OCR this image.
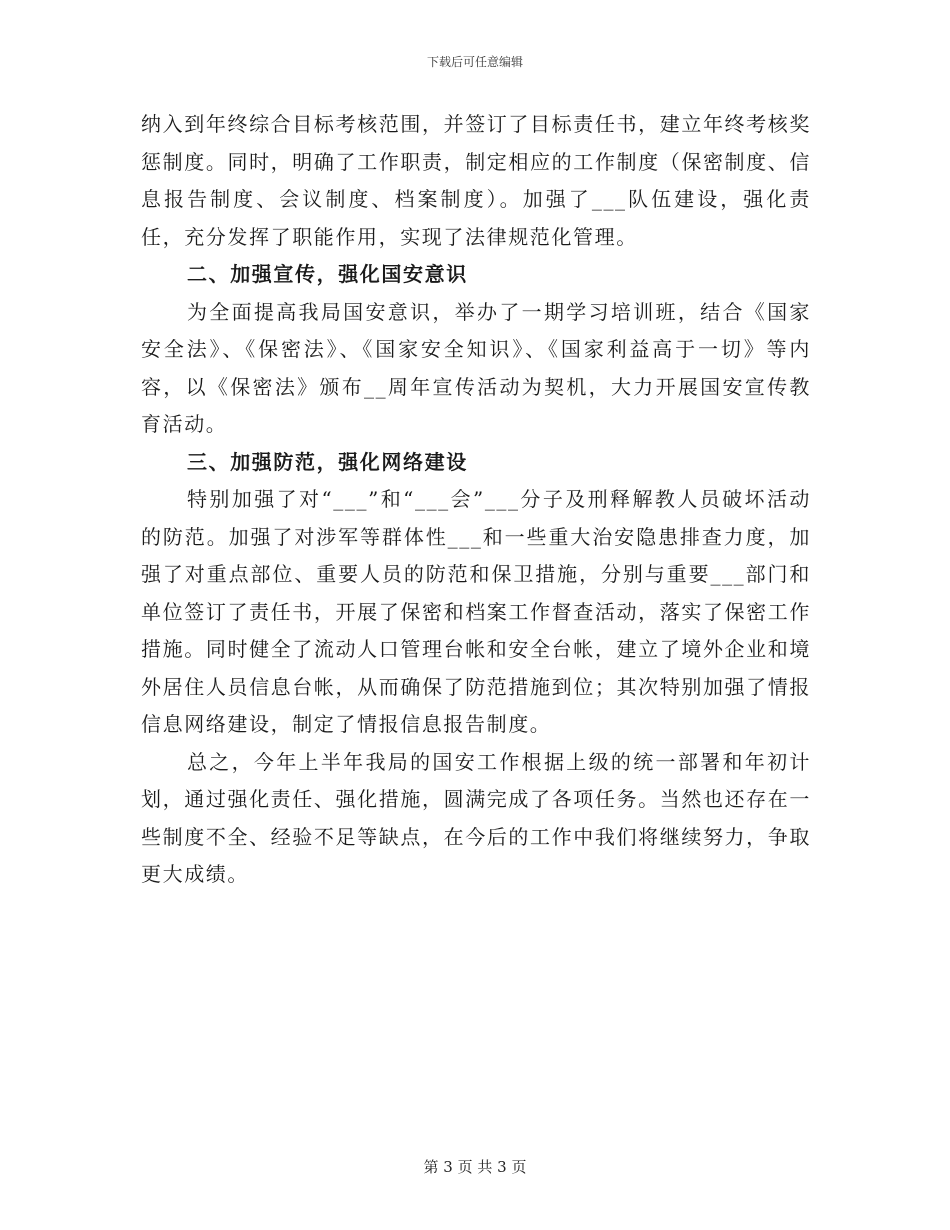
下载后可任意编辑

纳入到年终综合目标考核范围，并签订了目标责任书，建立年终考核奖惩制度。同时，明确了工作职责，制定相应的工作制度（保密制度、信息报告制度、会议制度、档案制度）。加强了___队伍建设，强化责任，充分发挥了职能作用，实现了法律规范化管理。

二、加强宣传，强化国安意识

为全面提高我局国安意识，举办了一期学习培训班，结合《国家安全法》、《保密法》、《国家安全知识》、《国家利益高于一切》等内容，以《保密法》颁布__周年宣传活动为契机，大力开展国安宣传教育活动。

三、加强防范，强化网络建设

特别加强了对“___”和“___会”___分子及刑释解教人员破坏活动的防范。加强了对涉军等群体性___和一些重大治安隐患排查力度，加强了对重点部位、重要人员的防范和保卫措施，分别与重要___部门和单位签订了责任书，开展了保密和档案工作督查活动，落实了保密工作措施。同时健全了流动人口管理台帐和安全台帐，建立了境外企业和境外居住人员信息台帐，从而确保了防范措施到位；其次特别加强了情报信息网络建设，制定了情报信息报告制度。

总之，今年上半年我局的国安工作根据上级的统一部署和年初计划，通过强化责任、强化措施，圆满完成了各项任务。当然也还存在一些制度不全、经验不足等缺点，在今后的工作中我们将继续努力，争取更大成绩。

第 3 页 共 3 页
